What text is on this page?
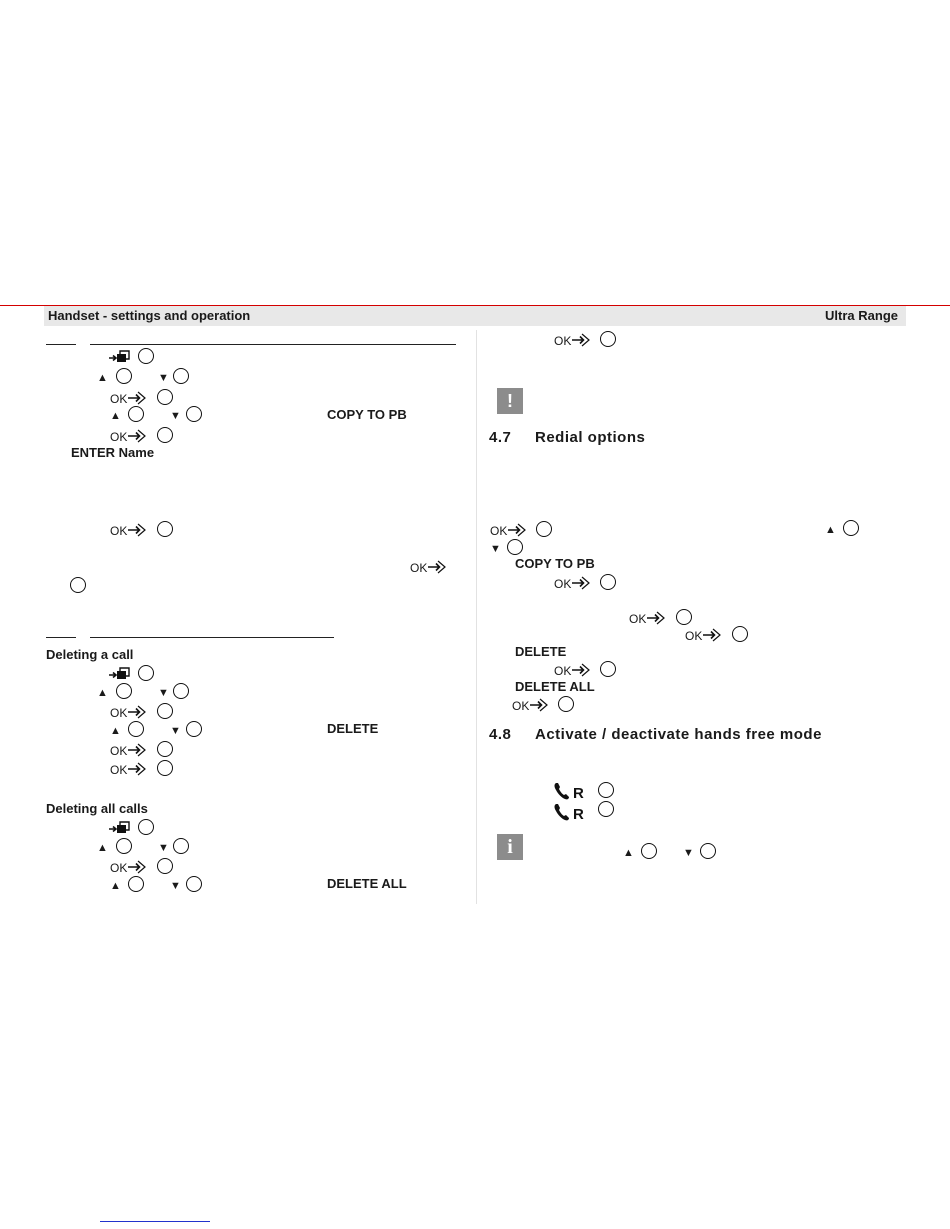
Handset - settings and operation	Ultra Range
▲	▼
OK
▲	▼	COPY TO PB
OK
ENTER Name
OK
OK
Deleting a call
▲	▼
OK
▲	▼	DELETE
OK
OK
Deleting all calls
▲	▼
OK
▲	▼	DELETE ALL
OK
!
4.7 Redial options
OK	▲
▼
COPY TO PB
OK
OK
OK
DELETE
OK
DELETE ALL
OK
4.8 Activate / deactivate hands free mode
R
R
i	▲	▼
